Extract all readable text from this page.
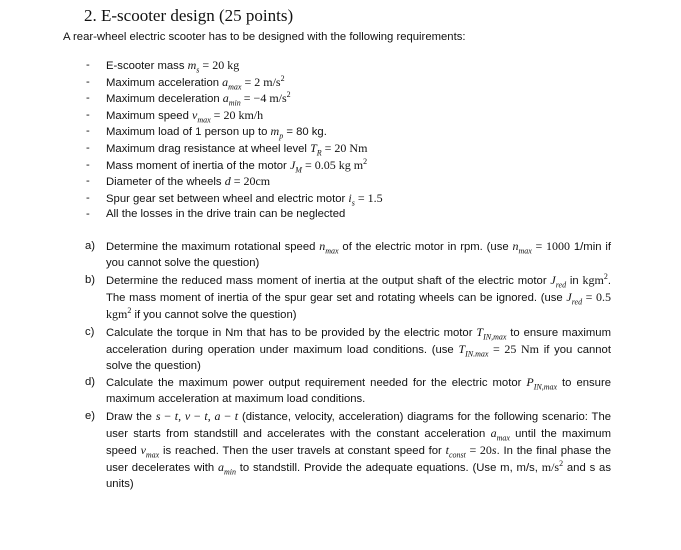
2. E-scooter design (25 points)
A rear-wheel electric scooter has to be designed with the following requirements:
- E-scooter mass $m_s = 20$ kg
- Maximum acceleration $a_{max} = 2$ $m/s^2$
- Maximum deceleration $a_{min} = -4$ $m/s^2$
- Maximum speed $v_{max} = 20$ km/h
- Maximum load of 1 person up to $m_p = 80$ kg.
- Maximum drag resistance at wheel level $T_R = 20$ Nm
- Mass moment of inertia of the motor $J_M = 0.05$ kg $m^2$
- Diameter of the wheels d = 20cm
- Spur gear set between wheel and electric motor $i_s = 1.5$
- All the losses in the drive train can be neglected
a) Determine the maximum rotational speed $n_{max}$ of the electric motor in rpm. (use $n_{max} = 1000$ 1/min if you cannot solve the question)
b) Determine the reduced mass moment of inertia at the output shaft of the electric motor $J_{red}$ in kgm$^2$. The mass moment of inertia of the spur gear set and rotating wheels can be ignored. (use $J_{red} = 0.5$ kgm$^2$ if you cannot solve the question)
c) Calculate the torque in Nm that has to be provided by the electric motor $T_{IN,max}$ to ensure maximum acceleration during operation under maximum load conditions. (use $T_{IN.max} = 25$ Nm if you cannot solve the question)
d) Calculate the maximum power output requirement needed for the electric motor $P_{IN,max}$ to ensure maximum acceleration at maximum load conditions.
e) Draw the s − t, v − t, a − t (distance, velocity, acceleration) diagrams for the following scenario: The user starts from standstill and accelerates with the constant acceleration $a_{max}$ until the maximum speed $v_{max}$ is reached. Then the user travels at constant speed for $t_{const} = 20s$. In the final phase the user decelerates with $a_{min}$ to standstill. Provide the adequate equations. (Use m, m/s, $m/s^2$ and s as units)
